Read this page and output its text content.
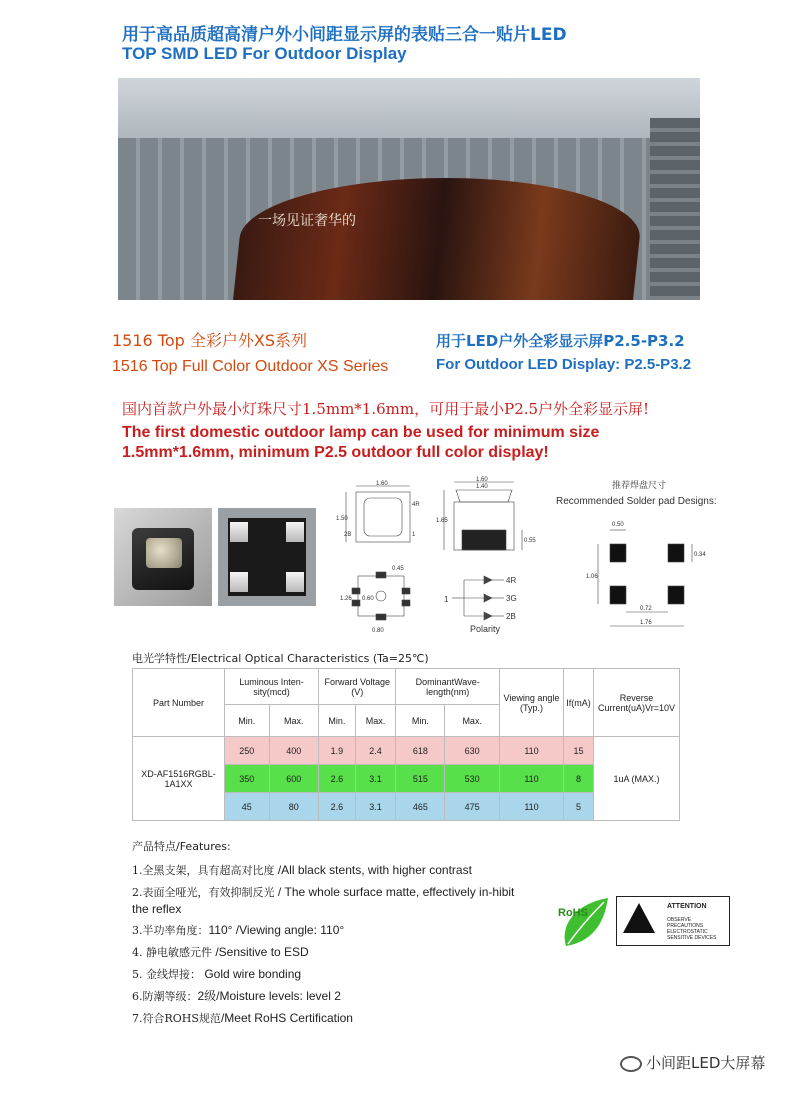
用于高品质超高清户外小间距显示屏的表贴三合一贴片LED
TOP SMD LED For Outdoor Display
一场见证奢华的
1516 Top 全彩户外XS系列
1516 Top Full Color Outdoor XS Series
用于LED户外全彩显示屏P2.5-P3.2
For Outdoor LED Display: P2.5-P3.2
国内首款户外最小灯珠尺寸1.5mm*1.6mm，可用于最小P2.5户外全彩显示屏!
The first domestic outdoor lamp can be used for minimum size 1.5mm*1.6mm, minimum P2.5 outdoor full color display!
1.60
1.50
4R
2B	1
1.60
1.40
1.65
0.55
0.45
1.26
0.80
0.60	1
4R
3G
2B
Polarity
推荐焊盘尺寸
Recommended Solder pad Designs:
0.50
0.34
1.06
0.72
1.76
电光学特性/Electrical Optical Characteristics (Ta=25℃)
Part Number	Luminous Inten-sity(mcd)		Forward Voltage (V)		DominantWave-length(nm)		Viewing angle (Typ.)	If(mA)	Reverse Current(uA)Vr=10V
	Min.	Max.	Min.	Max.	Min.	Max.			
XD-AF1516RGBL-1A1XX	250	400	1.9	2.4	618	630	110	15	1uA (MAX.)
	350	600	2.6	3.1	515	530	110	8	
	45	80	2.6	3.1	465	475	110	5	
产品特点/Features:
1.全黑支架，具有超高对比度 /All black stents, with higher contrast
2.表面全哑光，有效抑制反光 / The whole surface matte, effectively in-hibit the reflex
3.半功率角度：110° /Viewing angle: 110°
4. 静电敏感元件 /Sensitive to ESD
5. 金线焊接： Gold wire bonding
6.防潮等级：2级/Moisture levels: level 2
7.符合ROHS规范/Meet RoHS Certification
RoHS
ATTENTION
OBSERVE PRECAUTIONS ELECTROSTATIC SENSITIVE DEVICES
小间距LED大屏幕
